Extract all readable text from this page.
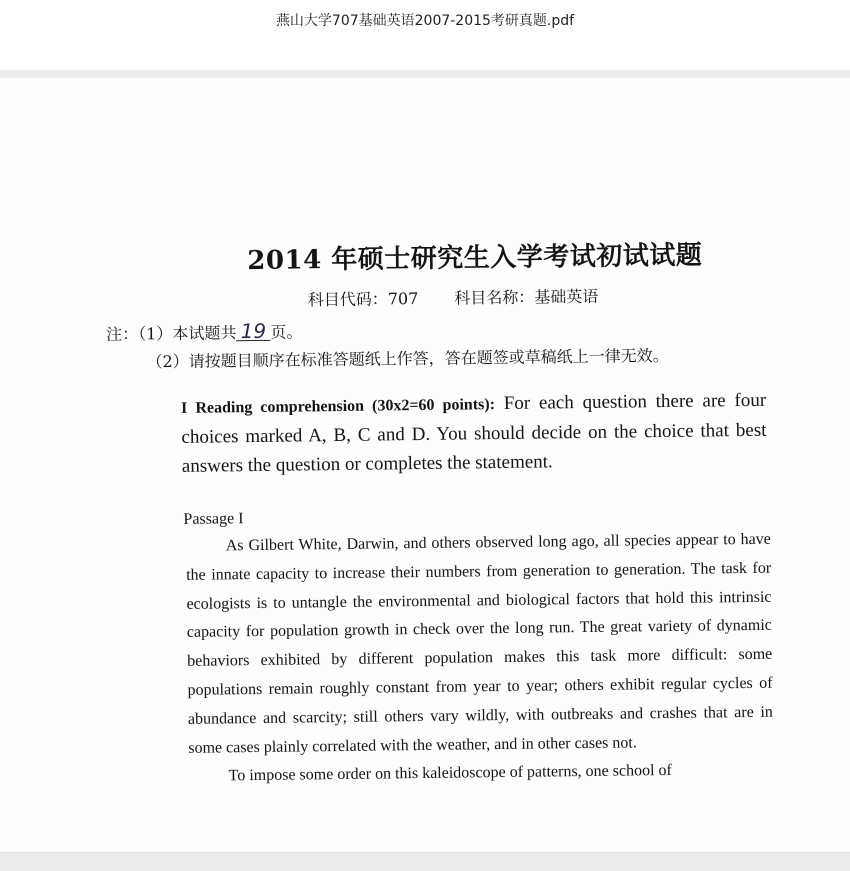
燕山大学707基础英语2007-2015考研真题.pdf
2014 年硕士研究生入学考试初试试题
科目代码：707 科目名称：基础英语
注：（1）本试题共 19 页。
（2）请按题目顺序在标准答题纸上作答，答在题签或草稿纸上一律无效。
I Reading comprehension (30x2=60 points): For each question there are four choices marked A, B, C and D. You should decide on the choice that best answers the question or completes the statement.
Passage I

As Gilbert White, Darwin, and others observed long ago, all species appear to have the innate capacity to increase their numbers from generation to generation. The task for ecologists is to untangle the environmental and biological factors that hold this intrinsic capacity for population growth in check over the long run. The great variety of dynamic behaviors exhibited by different population makes this task more difficult: some populations remain roughly constant from year to year; others exhibit regular cycles of abundance and scarcity; still others vary wildly, with outbreaks and crashes that are in some cases plainly correlated with the weather, and in other cases not.

To impose some order on this kaleidoscope of patterns, one school of
